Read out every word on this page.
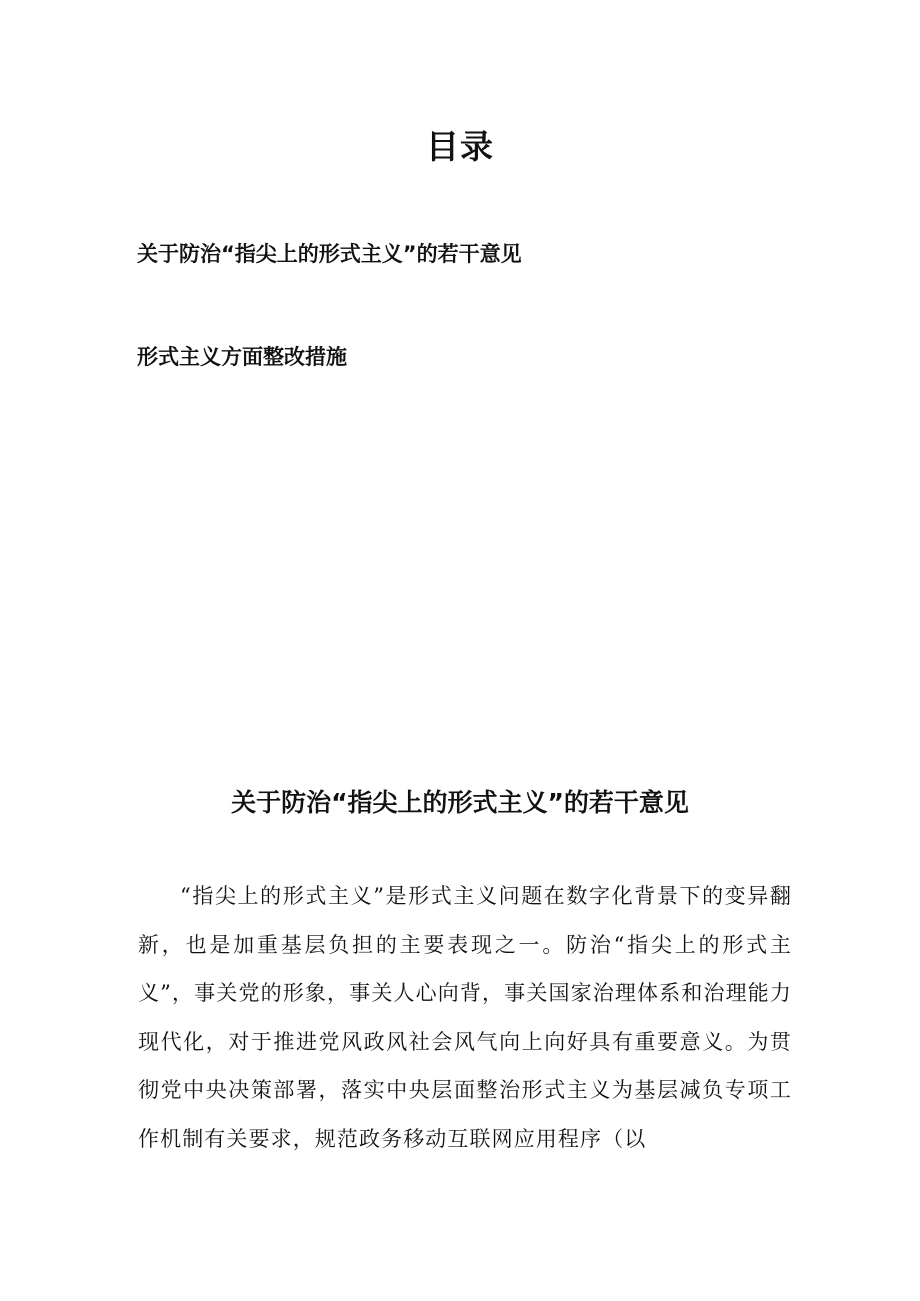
目录
关于防治“指尖上的形式主义”的若干意见
形式主义方面整改措施
关于防治“指尖上的形式主义”的若干意见

“指尖上的形式主义”是形式主义问题在数字化背景下的变异翻新，也是加重基层负担的主要表现之一。防治“指尖上的形式主义”，事关党的形象，事关人心向背，事关国家治理体系和治理能力现代化，对于推进党风政风社会风气向上向好具有重要意义。为贯彻党中央决策部署，落实中央层面整治形式主义为基层减负专项工作机制有关要求，规范政务移动互联网应用程序（以
